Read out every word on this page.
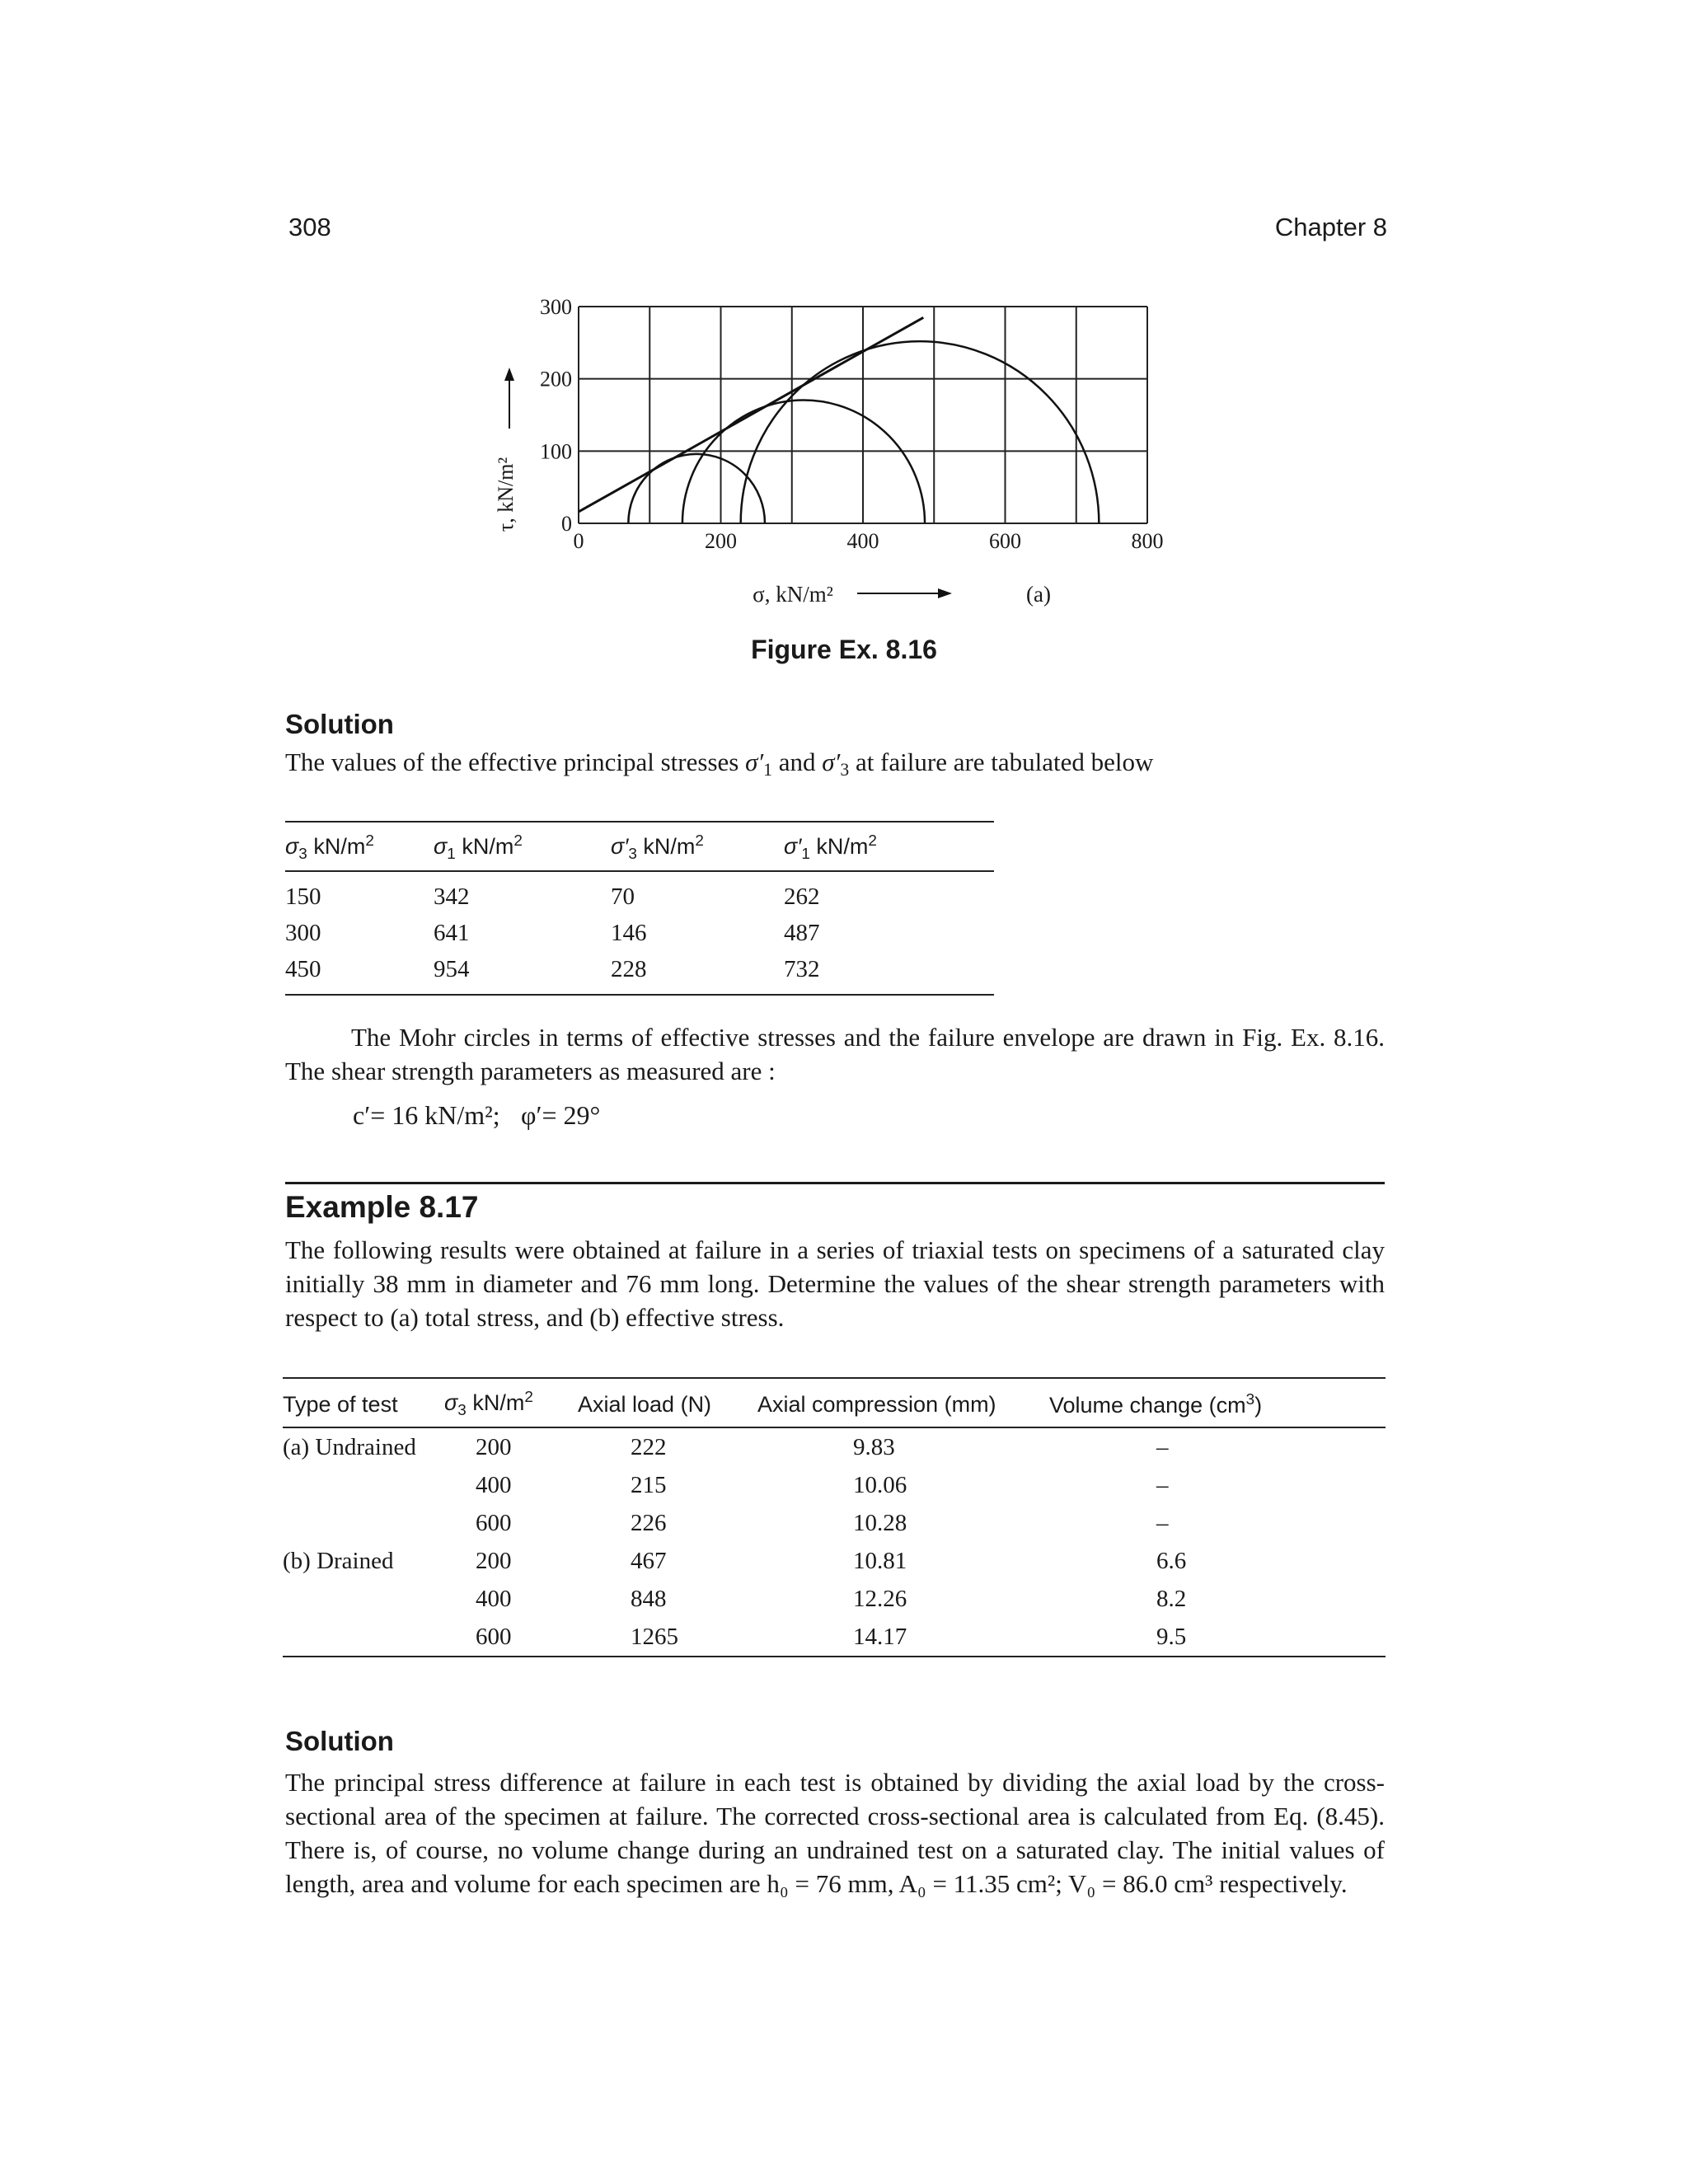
308	Chapter 8
0	200	400	600	800
0
100
200
300
τ, kN/m²
σ, kN/m²	(a)
Figure Ex. 8.16
Solution
The values of the effective principal stresses $\sigma'_1$ and $\sigma'_3$ at failure are tabulated below
$\sigma_3$ $kN/m^2$	$\sigma_1$ $kN/m^2$	$\sigma'_3$ $kN/m^2$	$\sigma'_1$ $kN/m^2$
150	342	70	262
300	641	146	487
450	954	228	732
The Mohr circles in terms of effective stresses and the failure envelope are drawn in Fig. Ex. 8.16. The shear strength parameters as measured are :
c′= 16 kN/m²; φ′= 29°
Example 8.17
The following results were obtained at failure in a series of triaxial tests on specimens of a saturated clay initially 38 mm in diameter and 76 mm long. Determine the values of the shear strength parameters with respect to (a) total stress, and (b) effective stress.
Type of test	$\sigma_3$ $kN/m^2$	Axial load (N)	Axial compression (mm)	Volume change $(cm^3)$
(a) Undrained	200	222	9.83	–
	400	215	10.06	–
	600	226	10.28	–
(b) Drained	200	467	10.81	6.6
	400	848	12.26	8.2
	600	1265	14.17	9.5
Solution
The principal stress difference at failure in each test is obtained by dividing the axial load by the cross-sectional area of the specimen at failure. The corrected cross-sectional area is calculated from Eq. (8.45). There is, of course, no volume change during an undrained test on a saturated clay. The initial values of length, area and volume for each specimen are h₀ = 76 mm, A₀ = 11.35 cm²; V₀ = 86.0 cm³ respectively.
